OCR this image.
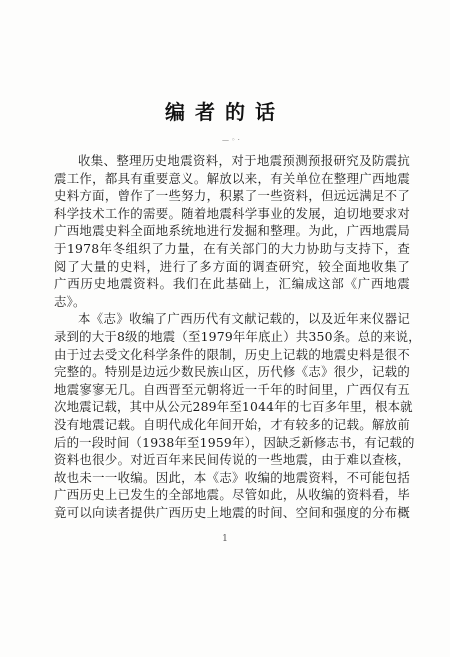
编者的话
— ◦ ·
收集、整理历史地震资料，对于地震预测预报研究及防震抗
震工作，都具有重要意义。解放以来，有关单位在整理广西地震
史料方面，曾作了一些努力，积累了一些资料，但远远满足不了
科学技术工作的需要。随着地震科学事业的发展，迫切地要求对
广西地震史料全面地系统地进行发掘和整理。为此，广西地震局
于1978年冬组织了力量，在有关部门的大力协助与支持下，查
阅了大量的史料，进行了多方面的调查研究，较全面地收集了
广西历史地震资料。我们在此基础上，汇编成这部《广西地震
志》。
本《志》收编了广西历代有文献记载的，以及近年来仪器记
录到的大于8级的地震（至1979年年底止）共350条。总的来说，
由于过去受文化科学条件的限制，历史上记载的地震史料是很不
完整的。特别是边远少数民族山区，历代修《志》很少，记载的
地震寥寥无几。自西晋至元朝将近一千年的时间里，广西仅有五
次地震记载，其中从公元289年至1044年的七百多年里，根本就
没有地震记载。自明代成化年间开始，才有较多的记载。解放前
后的一段时间（1938年至1959年），因缺乏新修志书，有记载的
资料也很少。对近百年来民间传说的一些地震，由于难以查核，
故也未一一收编。因此，本《志》收编的地震资料，不可能包括
广西历史上已发生的全部地震。尽管如此，从收编的资料看，毕
竟可以向读者提供广西历史上地震的时间、空间和强度的分布概
1
